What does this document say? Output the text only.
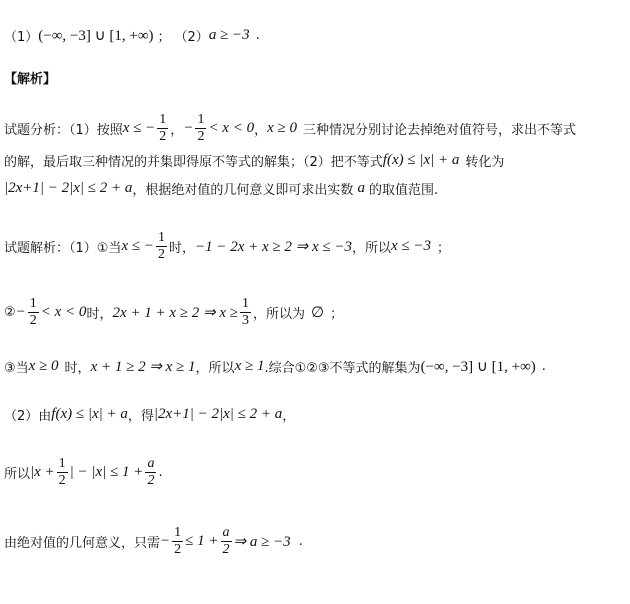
（1） (−∞, −3] ∪ [1, +∞) ； （2） a ≥ −3 .
【解析】
试题分析：（1）按照 x ≤ − $\frac{1}{2}$ ， − $\frac{1}{2} < x < 0$ ， x ≥ 0 三种情况分别讨论去掉绝对值符号，求出不等式
的解，最后取三种情况的并集即得原不等式的解集；（2）把不等式 f(x) ≤ |x| + a 转化为
|2x+1| − 2|x| ≤ 2 + a ，根据绝对值的几何意义即可求出实数 a 的取值范围.
试题解析：（1）①当 x ≤ − $\frac{1}{2}$ 时， −1 − 2x + x ≥ 2 ⇒ x ≤ −3 ，所以 x ≤ −3 ；
② − $\frac{1}{2} < x < 0$ 时， 2x + 1 + x ≥ 2 ⇒ $x \ge \frac{1}{3}$ ，所以为 ∅ ；
③当 x ≥ 0 时， x + 1 ≥ 2 ⇒ x ≥ 1 ，所以 x ≥ 1 .综合①②③不等式的解集为 (−∞, −3] ∪ [1, +∞) .
（2）由 f(x) ≤ |x| + a ，得 |2x+1| − 2|x| ≤ 2 + a ，
所以 $|x + \frac{1}{2}$ | − $|x| \le 1 + \frac{a}{2}$ .
由绝对值的几何意义，只需 − $\frac{1}{2} \le 1 + \frac{a}{2}$ ⇒ a ≥ −3 .
